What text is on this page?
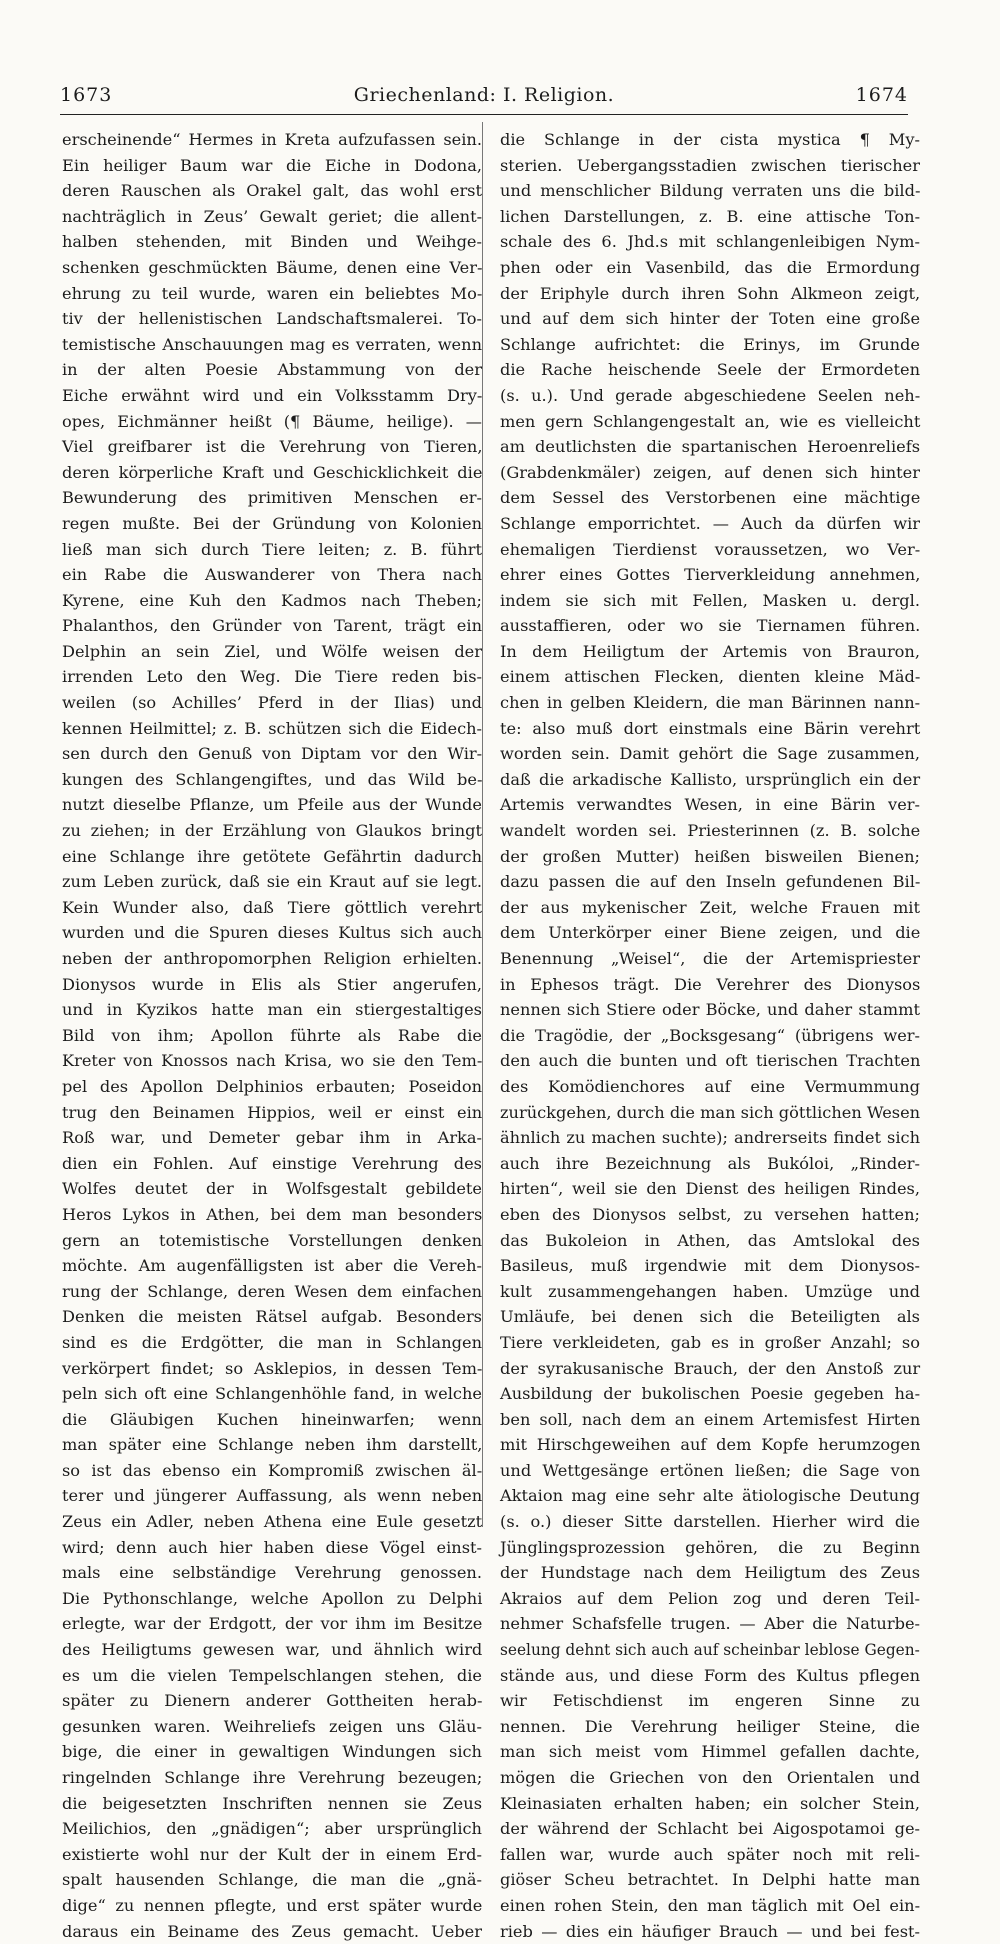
1673	Griechenland: I. Religion.	1674
erscheinende“ Hermes in Kreta aufzufassen sein.
Ein heiliger Baum war die Eiche in Dodona,
deren Rauschen als Orakel galt, das wohl erst
nachträglich in Zeus’ Gewalt geriet; die allent-
halben stehenden, mit Binden und Weihge-
schenken geschmückten Bäume, denen eine Ver-
ehrung zu teil wurde, waren ein beliebtes Mo-
tiv der hellenistischen Landschaftsmalerei. To-
temistische Anschauungen mag es verraten, wenn
in der alten Poesie Abstammung von der
Eiche erwähnt wird und ein Volksstamm Dry-
opes, Eichmänner heißt (¶ Bäume, heilige). —
Viel greifbarer ist die Verehrung von Tieren,
deren körperliche Kraft und Geschicklichkeit die
Bewunderung des primitiven Menschen er-
regen mußte. Bei der Gründung von Kolonien
ließ man sich durch Tiere leiten; z. B. führt
ein Rabe die Auswanderer von Thera nach
Kyrene, eine Kuh den Kadmos nach Theben;
Phalanthos, den Gründer von Tarent, trägt ein
Delphin an sein Ziel, und Wölfe weisen der
irrenden Leto den Weg. Die Tiere reden bis-
weilen (so Achilles’ Pferd in der Ilias) und
kennen Heilmittel; z. B. schützen sich die Eidech-
sen durch den Genuß von Diptam vor den Wir-
kungen des Schlangengiftes, und das Wild be-
nutzt dieselbe Pflanze, um Pfeile aus der Wunde
zu ziehen; in der Erzählung von Glaukos bringt
eine Schlange ihre getötete Gefährtin dadurch
zum Leben zurück, daß sie ein Kraut auf sie legt.
Kein Wunder also, daß Tiere göttlich verehrt
wurden und die Spuren dieses Kultus sich auch
neben der anthropomorphen Religion erhielten.
Dionysos wurde in Elis als Stier angerufen,
und in Kyzikos hatte man ein stiergestaltiges
Bild von ihm; Apollon führte als Rabe die
Kreter von Knossos nach Krisa, wo sie den Tem-
pel des Apollon Delphinios erbauten; Poseidon
trug den Beinamen Hippios, weil er einst ein
Roß war, und Demeter gebar ihm in Arka-
dien ein Fohlen. Auf einstige Verehrung des
Wolfes deutet der in Wolfsgestalt gebildete
Heros Lykos in Athen, bei dem man besonders
gern an totemistische Vorstellungen denken
möchte. Am augenfälligsten ist aber die Vereh-
rung der Schlange, deren Wesen dem einfachen
Denken die meisten Rätsel aufgab. Besonders
sind es die Erdgötter, die man in Schlangen
verkörpert findet; so Asklepios, in dessen Tem-
peln sich oft eine Schlangenhöhle fand, in welche
die Gläubigen Kuchen hineinwarfen; wenn
man später eine Schlange neben ihm darstellt,
so ist das ebenso ein Kompromiß zwischen äl-
terer und jüngerer Auffassung, als wenn neben
Zeus ein Adler, neben Athena eine Eule gesetzt
wird; denn auch hier haben diese Vögel einst-
mals eine selbständige Verehrung genossen.
Die Pythonschlange, welche Apollon zu Delphi
erlegte, war der Erdgott, der vor ihm im Besitze
des Heiligtums gewesen war, und ähnlich wird
es um die vielen Tempelschlangen stehen, die
später zu Dienern anderer Gottheiten herab-
gesunken waren. Weihreliefs zeigen uns Gläu-
bige, die einer in gewaltigen Windungen sich
ringelnden Schlange ihre Verehrung bezeugen;
die beigesetzten Inschriften nennen sie Zeus
Meilichios, den „gnädigen“; aber ursprünglich
existierte wohl nur der Kult der in einem Erd-
spalt hausenden Schlange, die man die „gnä-
dige“ zu nennen pflegte, und erst später wurde
daraus ein Beiname des Zeus gemacht. Ueber
die Schlange in der cista mystica ¶ My-
sterien. Uebergangsstadien zwischen tierischer
und menschlicher Bildung verraten uns die bild-
lichen Darstellungen, z. B. eine attische Ton-
schale des 6. Jhd.s mit schlangenleibigen Nym-
phen oder ein Vasenbild, das die Ermordung
der Eriphyle durch ihren Sohn Alkmeon zeigt,
und auf dem sich hinter der Toten eine große
Schlange aufrichtet: die Erinys, im Grunde
die Rache heischende Seele der Ermordeten
(s. u.). Und gerade abgeschiedene Seelen neh-
men gern Schlangengestalt an, wie es vielleicht
am deutlichsten die spartanischen Heroenreliefs
(Grabdenkmäler) zeigen, auf denen sich hinter
dem Sessel des Verstorbenen eine mächtige
Schlange emporrichtet. — Auch da dürfen wir
ehemaligen Tierdienst voraussetzen, wo Ver-
ehrer eines Gottes Tierverkleidung annehmen,
indem sie sich mit Fellen, Masken u. dergl.
ausstaffieren, oder wo sie Tiernamen führen.
In dem Heiligtum der Artemis von Brauron,
einem attischen Flecken, dienten kleine Mäd-
chen in gelben Kleidern, die man Bärinnen nann-
te: also muß dort einstmals eine Bärin verehrt
worden sein. Damit gehört die Sage zusammen,
daß die arkadische Kallisto, ursprünglich ein der
Artemis verwandtes Wesen, in eine Bärin ver-
wandelt worden sei. Priesterinnen (z. B. solche
der großen Mutter) heißen bisweilen Bienen;
dazu passen die auf den Inseln gefundenen Bil-
der aus mykenischer Zeit, welche Frauen mit
dem Unterkörper einer Biene zeigen, und die
Benennung „Weisel“, die der Artemispriester
in Ephesos trägt. Die Verehrer des Dionysos
nennen sich Stiere oder Böcke, und daher stammt
die Tragödie, der „Bocksgesang“ (übrigens wer-
den auch die bunten und oft tierischen Trachten
des Komödienchores auf eine Vermummung
zurückgehen, durch die man sich göttlichen Wesen
ähnlich zu machen suchte); andrerseits findet sich
auch ihre Bezeichnung als Bukóloi, „Rinder-
hirten“, weil sie den Dienst des heiligen Rindes,
eben des Dionysos selbst, zu versehen hatten;
das Bukoleion in Athen, das Amtslokal des
Basileus, muß irgendwie mit dem Dionysos-
kult zusammengehangen haben. Umzüge und
Umläufe, bei denen sich die Beteiligten als
Tiere verkleideten, gab es in großer Anzahl; so
der syrakusanische Brauch, der den Anstoß zur
Ausbildung der bukolischen Poesie gegeben ha-
ben soll, nach dem an einem Artemisfest Hirten
mit Hirschgeweihen auf dem Kopfe herumzogen
und Wettgesänge ertönen ließen; die Sage von
Aktaion mag eine sehr alte ätiologische Deutung
(s. o.) dieser Sitte darstellen. Hierher wird die
Jünglingsprozession gehören, die zu Beginn
der Hundstage nach dem Heiligtum des Zeus
Akraios auf dem Pelion zog und deren Teil-
nehmer Schafsfelle trugen. — Aber die Naturbe-
seelung dehnt sich auch auf scheinbar leblose Gegen-
stände aus, und diese Form des Kultus pflegen
wir Fetischdienst im engeren Sinne zu
nennen. Die Verehrung heiliger Steine, die
man sich meist vom Himmel gefallen dachte,
mögen die Griechen von den Orientalen und
Kleinasiaten erhalten haben; ein solcher Stein,
der während der Schlacht bei Aigospotamoi ge-
fallen war, wurde auch später noch mit reli-
giöser Scheu betrachtet. In Delphi hatte man
einen rohen Stein, den man täglich mit Oel ein-
rieb — dies ein häufiger Brauch — und bei fest-
